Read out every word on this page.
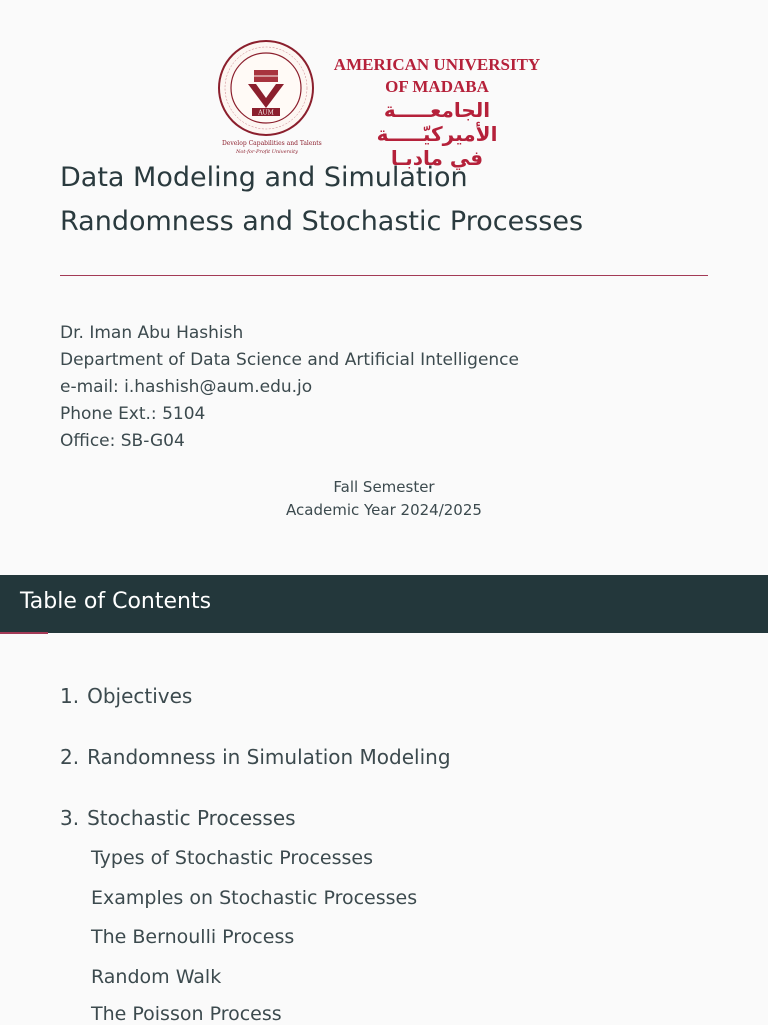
AUM
Develop Capabilities and Talents
Not-for-Profit University
AMERICAN UNIVERSITY
OF MADABA
الجامعـــــة الأميركيّـــــة
في مادبـا
Data Modeling and Simulation
Randomness and Stochastic Processes
Dr. Iman Abu Hashish
Department of Data Science and Artificial Intelligence
e-mail: i.hashish@aum.edu.jo
Phone Ext.: 5104
Office: SB-G04
Fall Semester
Academic Year 2024/2025
Table of Contents
1. Objectives
2. Randomness in Simulation Modeling
3. Stochastic Processes
Types of Stochastic Processes
Examples on Stochastic Processes
The Bernoulli Process
Random Walk
The Poisson Process
